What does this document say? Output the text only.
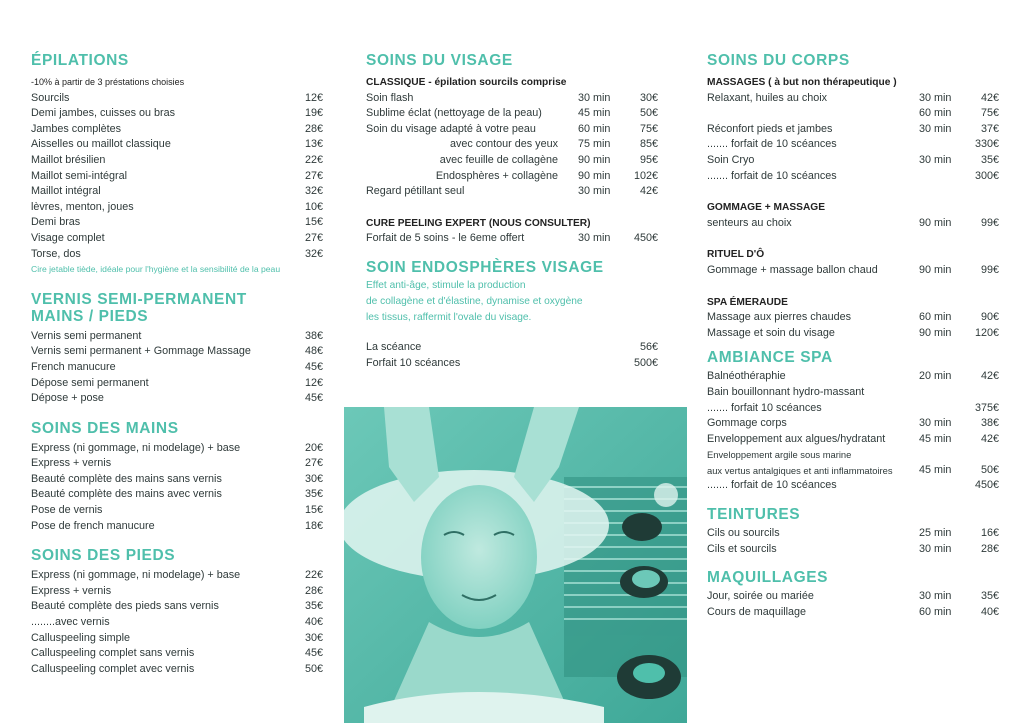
ÉPILATIONS
-10% à partir de 3 préstations choisies
Sourcils	12€
Demi jambes, cuisses ou bras	19€
Jambes complètes	28€
Aisselles ou maillot classique	13€
Maillot brésilien	22€
Maillot semi-intégral	27€
Maillot intégral	32€
lèvres, menton, joues	10€
Demi bras	15€
Visage complet	27€
Torse, dos	32€
Cire jetable tiède, idéale pour l'hygiène et la sensibilité de la peau
VERNIS SEMI-PERMANENT
MAINS / PIEDS
Vernis semi permanent	38€
Vernis semi permanent + Gommage Massage	48€
French manucure	45€
Dépose semi permanent	12€
Dépose + pose	45€
SOINS DES MAINS
Express (ni gommage, ni modelage) + base	20€
Express + vernis	27€
Beauté complète des mains sans vernis	30€
Beauté complète des mains avec vernis	35€
Pose de vernis	15€
Pose de french manucure	18€
SOINS DES PIEDS
Express (ni gommage, ni modelage) + base	22€
Express + vernis	28€
Beauté complète des pieds sans vernis	35€
........avec vernis	40€
Calluspeeling simple	30€
Calluspeeling complet sans vernis	45€
Calluspeeling complet avec vernis	50€
SOINS DU VISAGE
CLASSIQUE - épilation sourcils comprise
Soin flash	30 min	30€
Sublime éclat (nettoyage de la peau)	45 min	50€
Soin du visage adapté à votre peau	60 min	75€
avec contour des yeux	75 min	85€
avec feuille de collagène	90 min	95€
Endosphères + collagène	90 min	102€
Regard pétillant seul	30 min	42€
CURE PEELING EXPERT (NOUS CONSULTER)
Forfait de 5 soins - le 6eme offert	30 min	450€
SOIN ENDOSPHÈRES VISAGE
Effet anti-âge, stimule la production
de collagène et d'élastine, dynamise et oxygène
les tissus, raffermit l'ovale du visage.
La scéance	56€
Forfait 10 scéances	500€
SOINS DU CORPS
MASSAGES ( à but non thérapeutique )
Relaxant, huiles au choix	30 min	42€
60 min	75€
Réconfort pieds et jambes	30 min	37€
....... forfait de 10 scéances	330€
Soin Cryo	30 min	35€
....... forfait de 10 scéances	300€
GOMMAGE + MASSAGE
senteurs au choix	90 min	99€
RITUEL D'Ô
Gommage + massage ballon chaud	90 min	99€
SPA ÉMERAUDE
Massage aux pierres chaudes	60 min	90€
Massage et soin du visage	90 min	120€
AMBIANCE SPA
Balnéothéraphie	20 min	42€
Bain bouillonnant hydro-massant
....... forfait 10 scéances	375€
Gommage corps	30 min	38€
Enveloppement aux algues/hydratant	45 min	42€
Enveloppement argile sous marine
aux vertus antalgiques et anti inflammatoires	45 min	50€
....... forfait de 10 scéances	450€
TEINTURES
Cils ou sourcils	25 min	16€
Cils et sourcils	30 min	28€
MAQUILLAGES
Jour, soirée ou mariée	30 min	35€
Cours de maquillage	60 min	40€
